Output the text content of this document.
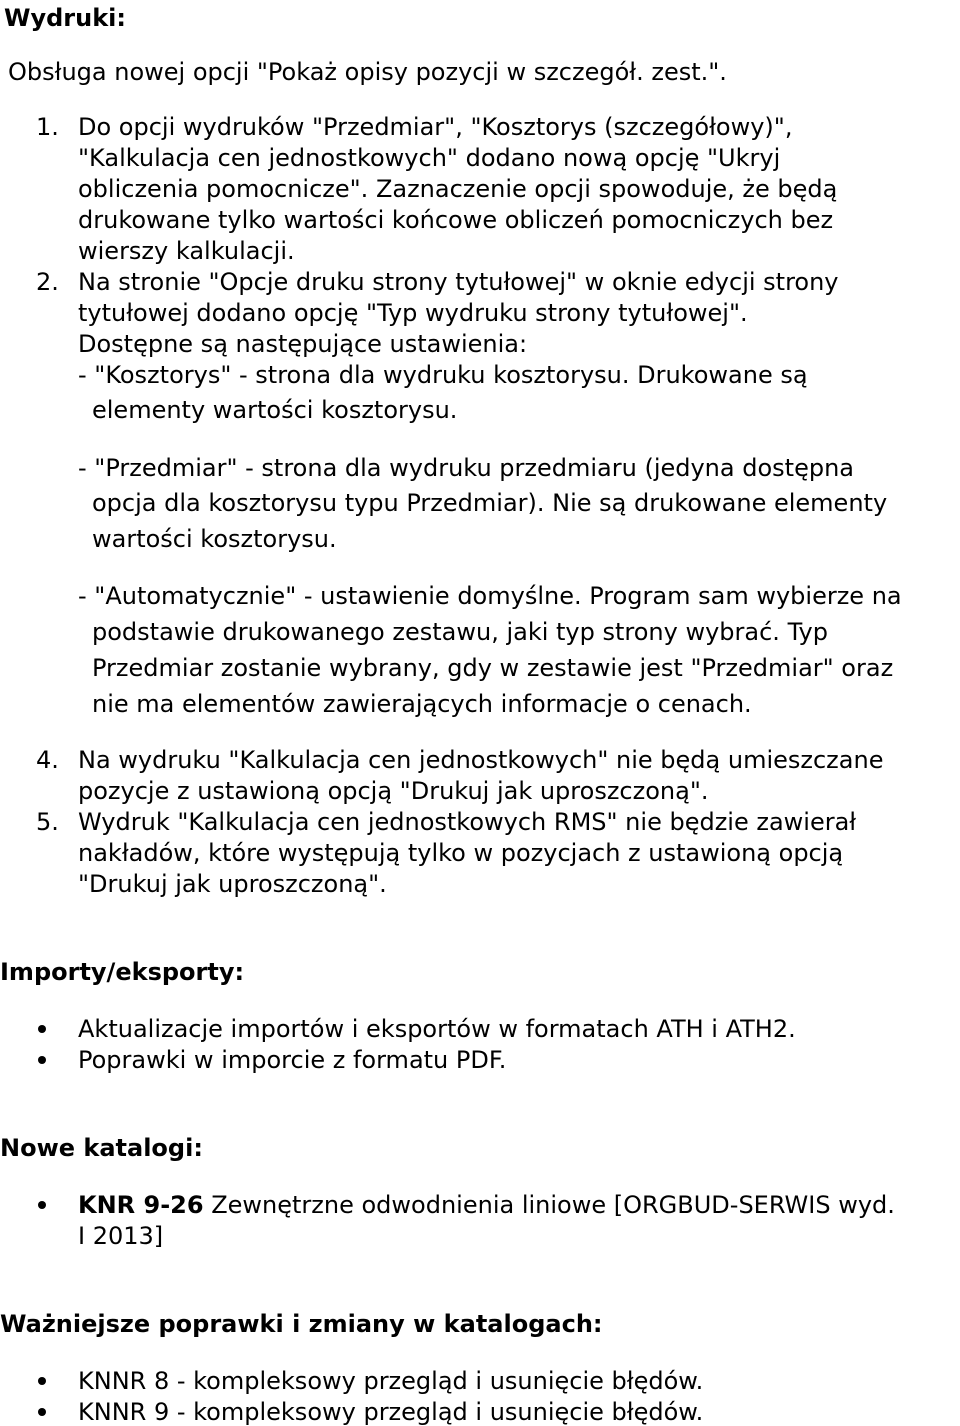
Wydruki:
Obsługa nowej opcji "Pokaż opisy pozycji w szczegół. zest.".
1. Do opcji wydruków "Przedmiar", "Kosztorys (szczegółowy)",
"Kalkulacja cen jednostkowych" dodano nową opcję "Ukryj
obliczenia pomocnicze". Zaznaczenie opcji spowoduje, że będą
drukowane tylko wartości końcowe obliczeń pomocniczych bez
wierszy kalkulacji.
2. Na stronie "Opcje druku strony tytułowej" w oknie edycji strony
tytułowej dodano opcję "Typ wydruku strony tytułowej".
Dostępne są następujące ustawienia:
- "Kosztorys" - strona dla wydruku kosztorysu. Drukowane są
elementy wartości kosztorysu.
- "Przedmiar" - strona dla wydruku przedmiaru (jedyna dostępna
opcja dla kosztorysu typu Przedmiar). Nie są drukowane elementy
wartości kosztorysu.
- "Automatycznie" - ustawienie domyślne. Program sam wybierze na
podstawie drukowanego zestawu, jaki typ strony wybrać. Typ
Przedmiar zostanie wybrany, gdy w zestawie jest "Przedmiar" oraz
nie ma elementów zawierających informacje o cenach.
4. Na wydruku "Kalkulacja cen jednostkowych" nie będą umieszczane
pozycje z ustawioną opcją "Drukuj jak uproszczoną".
5. Wydruk "Kalkulacja cen jednostkowych RMS" nie będzie zawierał
nakładów, które występują tylko w pozycjach z ustawioną opcją
"Drukuj jak uproszczoną".
Importy/eksporty:
Aktualizacje importów i eksportów w formatach ATH i ATH2.
Poprawki w imporcie z formatu PDF.
Nowe katalogi:
KNR 9-26 Zewnętrzne odwodnienia liniowe [ORGBUD-SERWIS wyd.
I 2013]
Ważniejsze poprawki i zmiany w katalogach:
KNNR 8 - kompleksowy przegląd i usunięcie błędów.
KNNR 9 - kompleksowy przegląd i usunięcie błędów.
